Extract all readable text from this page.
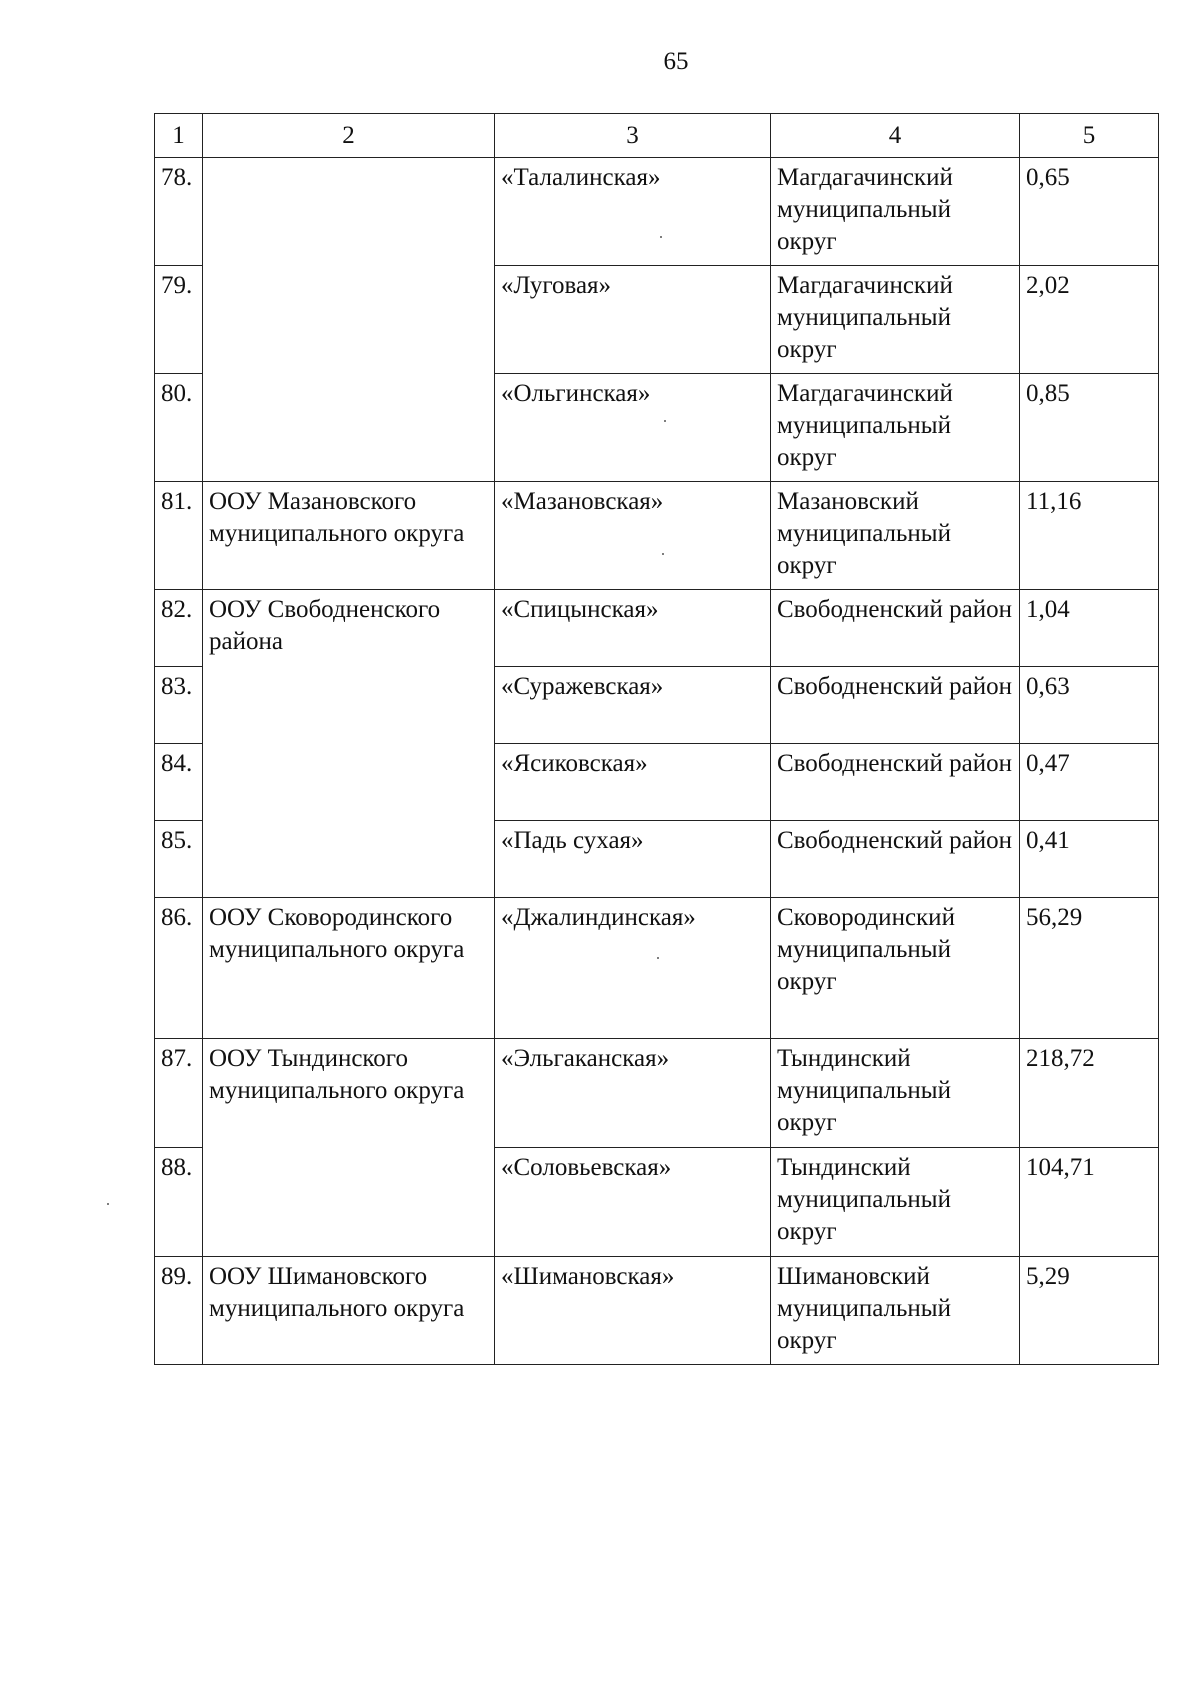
65
1	2	3	4	5
78.		«Талалинская»	Магдагачинский муниципальный округ	0,65
79.		«Луговая»	Магдагачинский муниципальный округ	2,02
80.		«Ольгинская»	Магдагачинский муниципальный округ	0,85
81.	ООУ Мазановского муниципального округа	«Мазановская»	Мазановский муниципальный округ	11,16
82.	ООУ Свободненского района	«Спицынская»	Свободненский район	1,04
83.		«Суражевская»	Свободненский район	0,63
84.		«Ясиковская»	Свободненский район	0,47
85.		«Падь сухая»	Свободненский район	0,41
86.	ООУ Сковородинского муниципального округа	«Джалиндинская»	Сковородинский муниципальный округ	56,29
87.	ООУ Тындинского муниципального округа	«Эльгаканская»	Тындинский муниципальный округ	218,72
88.		«Соловьевская»	Тындинский муниципальный округ	104,71
89.	ООУ Шимановского муниципального округа	«Шимановская»	Шимановский муниципальный округ	5,29
